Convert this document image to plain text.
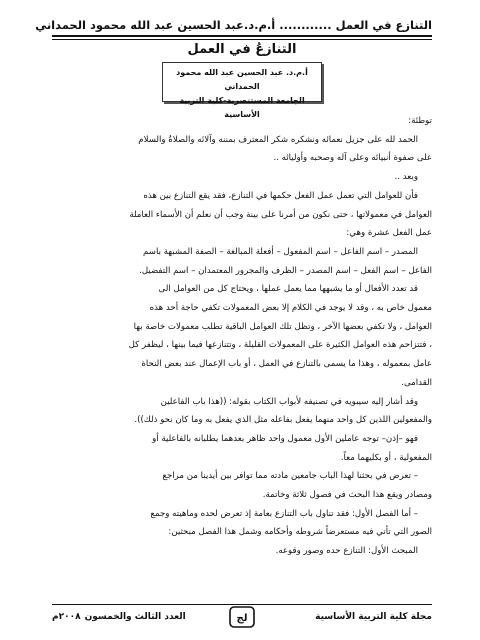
التنازع في العمل ............ أ.م.د.عبد الحسين عبد الله محمود الحمداني
التنازعُ في العمل
أ.م.د. عبد الحسين عبد الله محمود الحمداني
الجامعة المستنصرية-كلية التربية الأساسية

توطئة:

الحمد لله على جزيل نعمائه ونشكره شكر المعترف بمننه وآلائه والصلاةُ والسلام

على صفوة أنبيائه وعلى آله وصحبه وأوليائه ..

وبعد ..

فأن للعوامل التي تعمل عمل الفعل حكمها في التنازع، فقد يقع التنازع بين هذه

العوامل في معمولاتها ، حتى نكون من أمرنا على بينة وجب أن نعلم أن الأسماء العاملة

عمل الفعل عشرة وهي:

المصدر – اسم الفاعل – اسم المفعول – أفعلة المبالغة – الصفة المشبهة باسم

الفاعل – اسم الفعل – اسم المصدر – الظرف والمجرور المعتمدان – اسم التفضيل.

قد تعدد الأفعال أو ما يشبهها مما يعمل عملها ، ويحتاج كل من العوامل الى

معمول خاص به ، وقد لا يوجد في الكلام إلا بعض المعمولات تكفي حاجة أحد هذه

العوامل ، ولا تكفي بعضها الآخر ، وتظل تلك العوامل الباقية تطلب معمولات خاصة بها

، فتتزاحم هذه العوامل الكثيرة على المعمولات القليلة ، وتتنازعها فيما بينها ، ليظفر كل

عامل بمعموله ، وهذا ما يسمى بالتنازع في العمل ، أو باب الإعمال عند بعض النحاة

القدامى.

وقد أشار إليه سيبويه في تصنيفه لأبواب الكتاب بقوله: ((هذا باب الفاعلين

والمفعولين اللذين كل واحد منهما يفعل بفاعله مثل الذي يفعل به وما كان نحو ذلك)).

فهو –إذن– توجه عاملين الأول معمول واحد ظاهر بعدهما يطلبانه بالفاعلية أو

المفعولية ، أو بكليهما معاً.

– تعرض في بحثنا لهذا الباب جامعين مادته مما توافر بين أيدينا من مراجع

ومصادر ويقع هذا البحث في فصول ثلاثة وخاتمة.

– أما الفصل الأول: فقد تناول باب التنازع بعامة إذ تعرض لحده وماهيته وجمع

الصور التي تأتي فيه مستعرضاً شروطه وأحكامه وشمل هذا الفصل مبحثين:

المبحث الأول: التنازع حده وصور وقوعه.

مجلة كلية التربية الأساسية
ﻟﺞ
العدد الثالث والخمسون
٢٠٠٨م
